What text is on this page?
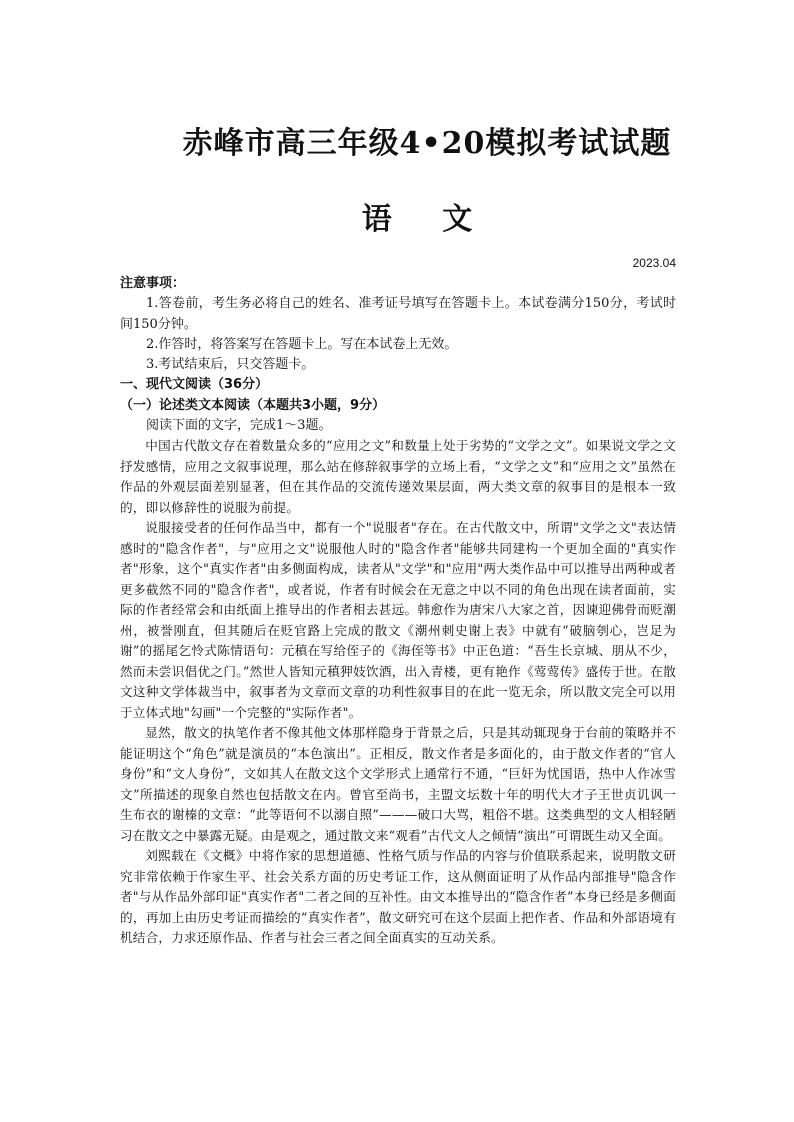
赤峰市高三年级4•20模拟考试试题
语 文
2023.04

注意事项：

1.答卷前，考生务必将自己的姓名、准考证号填写在答题卡上。本试卷满分150分，考试时间150分钟。

2.作答时，将答案写在答题卡上。写在本试卷上无效。

3.考试结束后，只交答题卡。

一、现代文阅读（36分）

（一）论述类文本阅读（本题共3小题，9分）

阅读下面的文字，完成1～3题。

中国古代散文存在着数量众多的“应用之文”和数量上处于劣势的“文学之文”。如果说文学之文抒发感情，应用之文叙事说理，那么站在修辞叙事学的立场上看，“文学之文”和“应用之文”虽然在作品的外观层面差别显著，但在其作品的交流传递效果层面，两大类文章的叙事目的是根本一致的，即以修辞性的说服为前提。

说服接受者的任何作品当中，都有一个"说服者"存在。在古代散文中，所谓"文学之文"表达情感时的"隐含作者"，与"应用之文"说服他人时的"隐含作者"能够共同建构一个更加全面的"真实作者"形象，这个"真实作者"由多侧面构成，读者从"文学"和"应用"两大类作品中可以推导出两种或者更多截然不同的"隐含作者"，或者说，作者有时候会在无意之中以不同的角色出现在读者面前，实际的作者经常会和由纸面上推导出的作者相去甚远。韩愈作为唐宋八大家之首，因谏迎佛骨而贬潮州，被誉刚直，但其随后在贬官路上完成的散文《潮州刺史谢上表》中就有“破脑刳心，岂足为谢”的摇尾乞怜式陈情语句：元稹在写给侄子的《海侄等书》中正色道：“吾生长京城、朋从不少，然而未尝识倡优之门。”然世人皆知元稹狎妓饮酒，出入青楼，更有艳作《莺莺传》盛传于世。在散文这种文学体裁当中，叙事者为文章而文章的功利性叙事目的在此一览无余，所以散文完全可以用于立体式地"勾画"一个完整的"实际作者"。

显然，散文的执笔作者不像其他文体那样隐身于背景之后，只是其动辄现身于台前的策略并不能证明这个“角色”就是演员的“本色演出”。正相反，散文作者是多面化的，由于散文作者的“官人身份”和“文人身份”，文如其人在散文这个文学形式上通常行不通，“巨奸为忧国语，热中人作冰雪文”所描述的现象自然也包括散文在内。曾官至尚书，主盟文坛数十年的明代大才子王世贞讥讽一生布衣的谢榛的文章：“此等语何不以溺自照”———破口大骂，粗俗不堪。这类典型的文人相轻陋习在散文之中暴露无疑。由是观之，通过散文来“观看”古代文人之倾情“演出”可谓既生动又全面。

刘熙载在《文概》中将作家的思想道德、性格气质与作品的内容与价值联系起来，说明散文研究非常依赖于作家生平、社会关系方面的历史考证工作，这从侧面证明了从作品内部推导"隐含作者"与从作品外部印证"真实作者"二者之间的互补性。由文本推导出的“隐含作者”本身已经是多侧面的，再加上由历史考证而描绘的“真实作者”，散文研究可在这个层面上把作者、作品和外部语境有机结合，力求还原作品、作者与社会三者之间全面真实的互动关系。
